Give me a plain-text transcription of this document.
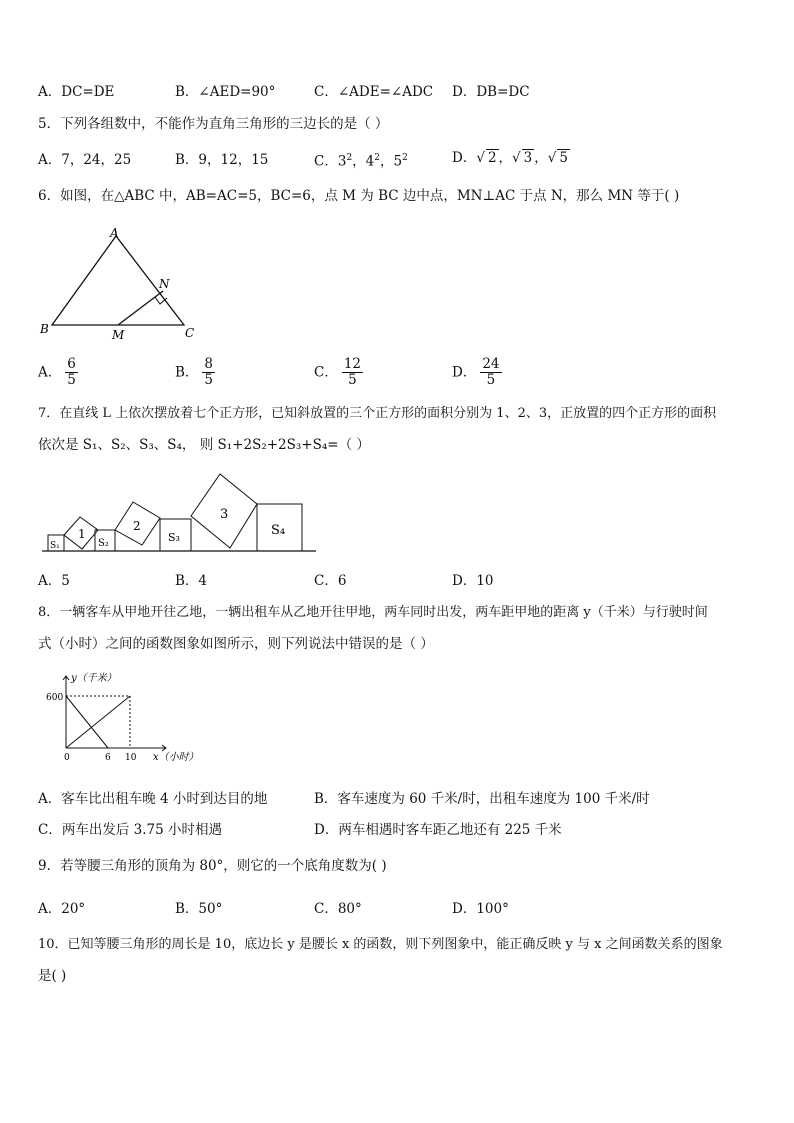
A．DC=DE	B．∠AED=90°	C．∠ADE=∠ADC D．DB=DC
5．下列各组数中，不能作为直角三角形的三边长的是（ ）
A．7，24，25	B．9，12，15	C．$3^2$，$4^2$，$5^2$	D．√ 2 ，√ 3 ，√ 5
6．如图，在△ABC 中，AB=AC=5，BC=6，点 M 为 BC 边中点，MN⊥AC 于点 N，那么 MN 等于( )
A
B	C
M
N
A． $\frac{6}{5}$	B． $\frac{8}{5}$	C． $\frac{12}{5}$	D． $\frac{24}{5}$
7．在直线 L 上依次摆放着七个正方形，已知斜放置的三个正方形的面积分别为 1、2、3，正放置的四个正方形的面积
依次是 S₁、S₂、S₃、S₄， 则 S₁+2S₂+2S₃+S₄=（ ）
S₁
1
S₂
2
S₃
3
S₄
A．5	B．4	C．6	D．10
8．一辆客车从甲地开往乙地，一辆出租车从乙地开往甲地，两车同时出发，两车距甲地的距离 y（千米）与行驶时间
式（小时）之间的函数图象如图所示，则下列说法中错误的是（ ）
y（千米）
600
0	6 10 x（小时）
A．客车比出租车晚 4 小时到达目的地	B．客车速度为 60 千米/时，出租车速度为 100 千米/时
C．两车出发后 3.75 小时相遇	D．两车相遇时客车距乙地还有 225 千米
9．若等腰三角形的顶角为 80°，则它的一个底角度数为( )
A．20°	B．50°	C．80°	D．100°
10．已知等腰三角形的周长是 10，底边长 y 是腰长 x 的函数，则下列图象中，能正确反映 y 与 x 之间函数关系的图象
是( )
